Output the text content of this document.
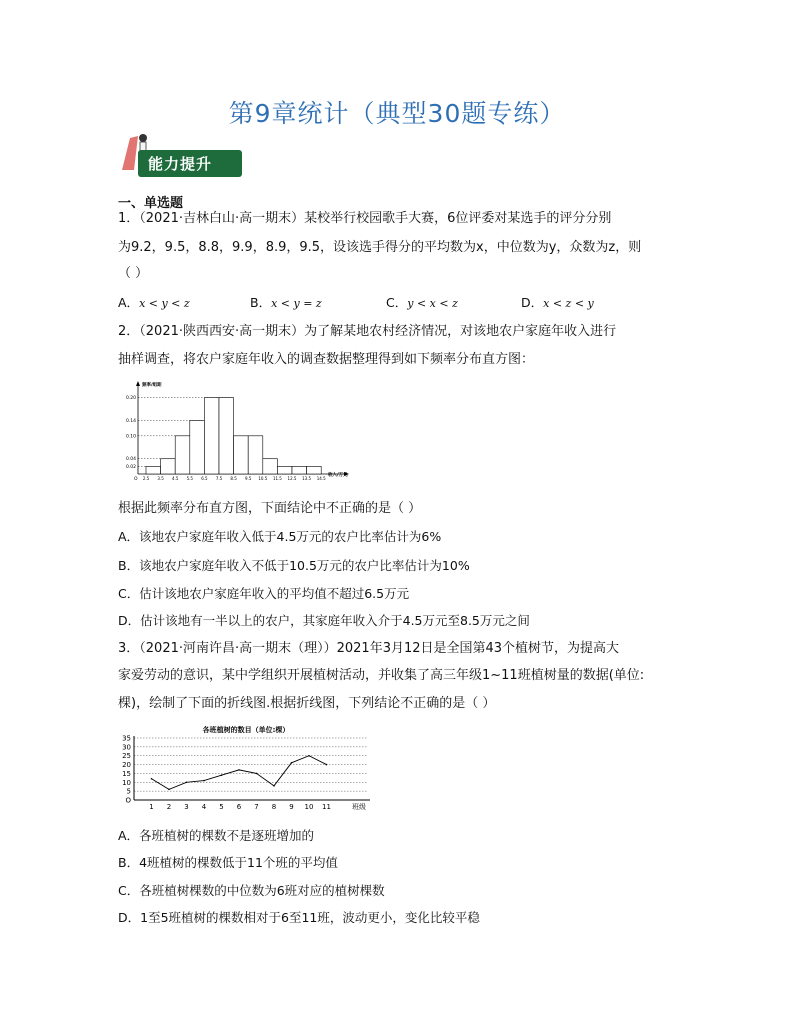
第9章统计（典型30题专练）
能力提升
一、单选题
1．（2021·吉林白山·高一期末）某校举行校园歌手大赛，6位评委对某选手的评分分别
为9.2，9.5，8.8，9.9，8.9，9.5，设该选手得分的平均数为x，中位数为y，众数为z，则
（ ）
A．x < y < z	B．x < y = z	C．y < x < z	D．x < z < y
2．（2021·陕西西安·高一期末）为了解某地农村经济情况，对该地农户家庭年收入进行
抽样调查，将农户家庭年收入的调查数据整理得到如下频率分布直方图：
频率/组距
收入/万元
0.02
0.04
0.10
0.14
0.20
2.5 3.5 4.5 5.5 6.5 7.5 8.5 9.5 10.5 11.5 12.5 13.5 14.5
O
根据此频率分布直方图，下面结论中不正确的是（ ）
A．该地农户家庭年收入低于4.5万元的农户比率估计为6%
B．该地农户家庭年收入不低于10.5万元的农户比率估计为10%
C．估计该地农户家庭年收入的平均值不超过6.5万元
D．估计该地有一半以上的农户，其家庭年收入介于4.5万元至8.5万元之间
3．（2021·河南许昌·高一期末（理））2021年3月12日是全国第43个植树节，为提高大
家爱劳动的意识，某中学组织开展植树活动，并收集了高三年级1~11班植树量的数据(单位:
棵)，绘制了下面的折线图.根据折线图，下列结论不正确的是（ ）
各班植树的数目（单位:棵）
O
5
10
15
20
25
30
35
1 2 3 4 5 6 7 8 9 10 11	班级
A．各班植树的棵数不是逐班增加的
B．4班植树的棵数低于11个班的平均值
C．各班植树棵数的中位数为6班对应的植树棵数
D．1至5班植树的棵数相对于6至11班，波动更小，变化比较平稳
